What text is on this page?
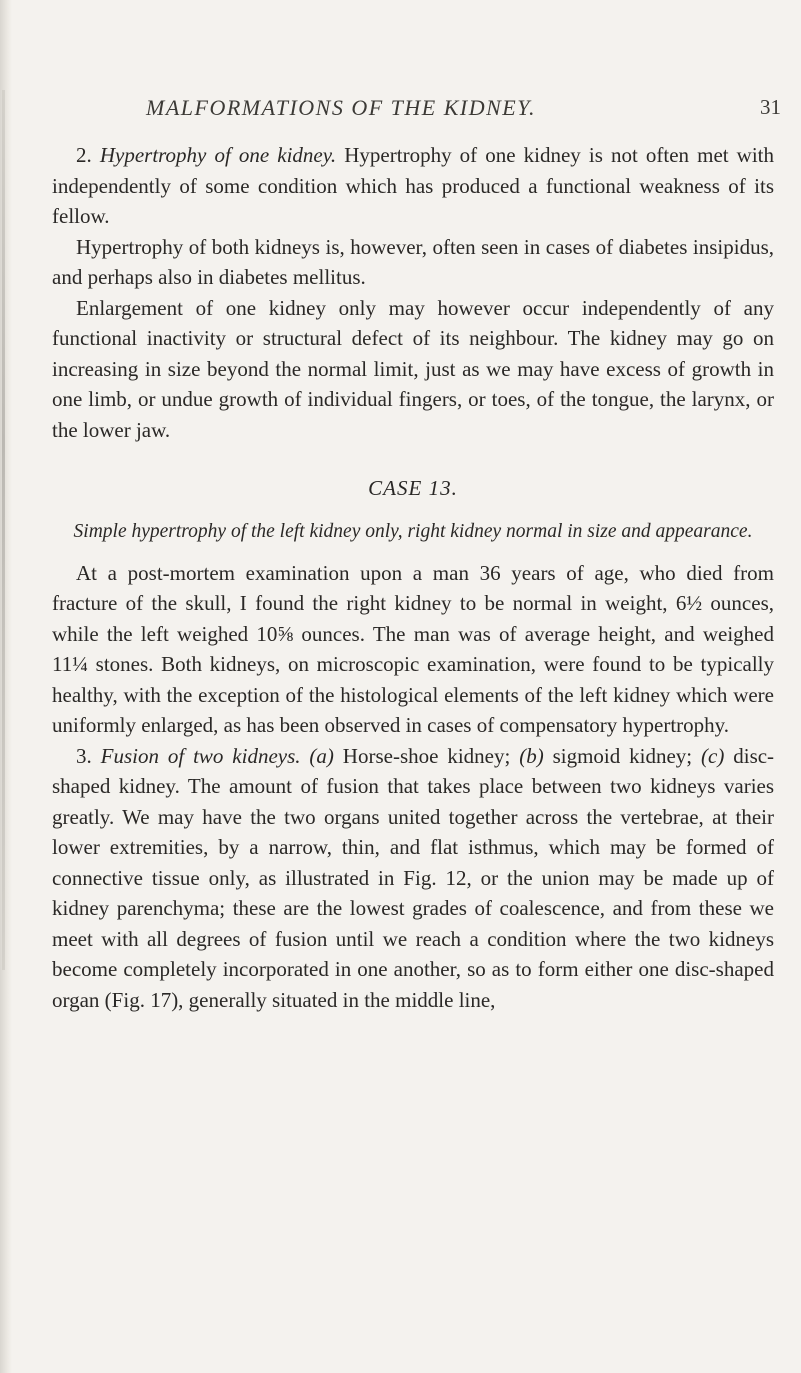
MALFORMATIONS OF THE KIDNEY.	31

2. Hypertrophy of one kidney. Hypertrophy of one kidney is not often met with independently of some condition which has produced a functional weakness of its fellow.

Hypertrophy of both kidneys is, however, often seen in cases of diabetes insipidus, and perhaps also in diabetes mellitus.

Enlargement of one kidney only may however occur independently of any functional inactivity or structural defect of its neighbour. The kidney may go on increasing in size beyond the normal limit, just as we may have excess of growth in one limb, or undue growth of individual fingers, or toes, of the tongue, the larynx, or the lower jaw.

CASE 13.

Simple hypertrophy of the left kidney only, right kidney normal in size and appearance.

At a post-mortem examination upon a man 36 years of age, who died from fracture of the skull, I found the right kidney to be normal in weight, 6½ ounces, while the left weighed 10⅝ ounces. The man was of average height, and weighed 11¼ stones. Both kidneys, on microscopic examination, were found to be typically healthy, with the exception of the histological elements of the left kidney which were uniformly enlarged, as has been observed in cases of compensatory hypertrophy.

3. Fusion of two kidneys. (a) Horse-shoe kidney; (b) sigmoid kidney; (c) disc-shaped kidney. The amount of fusion that takes place between two kidneys varies greatly. We may have the two organs united together across the vertebrae, at their lower extremities, by a narrow, thin, and flat isthmus, which may be formed of connective tissue only, as illustrated in Fig. 12, or the union may be made up of kidney parenchyma; these are the lowest grades of coalescence, and from these we meet with all degrees of fusion until we reach a condition where the two kidneys become completely incorporated in one another, so as to form either one disc-shaped organ (Fig. 17), generally situated in the middle line,
